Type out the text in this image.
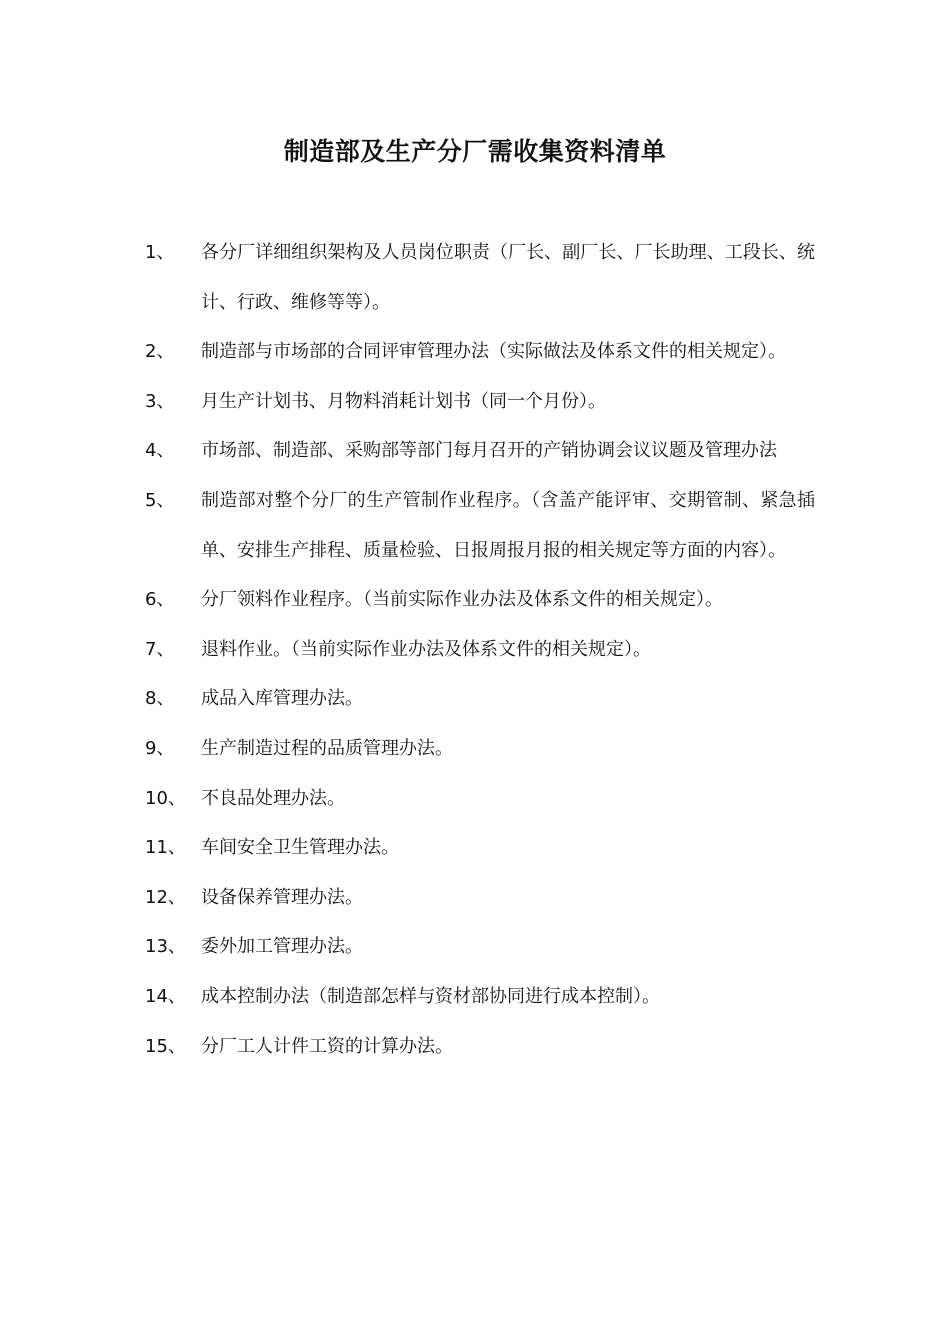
制造部及生产分厂需收集资料清单
1、	各分厂详细组织架构及人员岗位职责（厂长、副厂长、厂长助理、工段长、统计、行政、维修等等）。
2、	制造部与市场部的合同评审管理办法（实际做法及体系文件的相关规定）。
3、	月生产计划书、月物料消耗计划书（同一个月份）。
4、	市场部、制造部、采购部等部门每月召开的产销协调会议议题及管理办法
5、	制造部对整个分厂的生产管制作业程序。（含盖产能评审、交期管制、紧急插单、安排生产排程、质量检验、日报周报月报的相关规定等方面的内容）。
6、	分厂领料作业程序。（当前实际作业办法及体系文件的相关规定）。
7、	退料作业。（当前实际作业办法及体系文件的相关规定）。
8、	成品入库管理办法。
9、	生产制造过程的品质管理办法。
10、 不良品处理办法。
11、 车间安全卫生管理办法。
12、 设备保养管理办法。
13、 委外加工管理办法。
14、 成本控制办法（制造部怎样与资材部协同进行成本控制）。
15、 分厂工人计件工资的计算办法。
